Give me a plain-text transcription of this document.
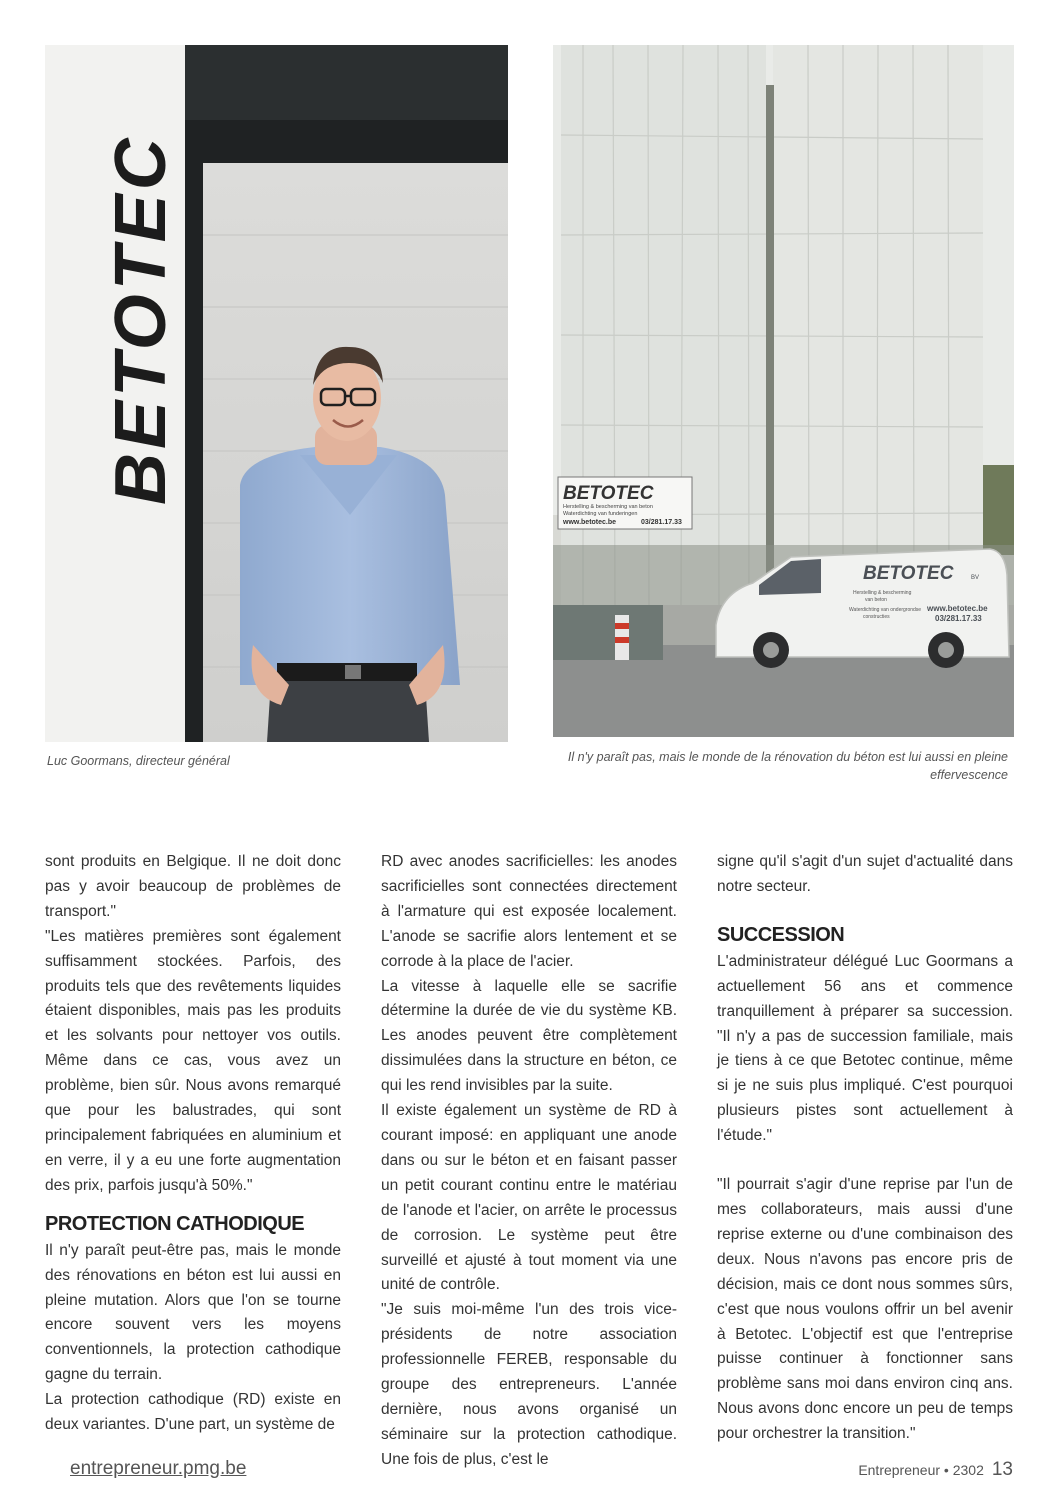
BETOTEC	BETOTEC
Herstelling & bescherming van beton
Waterdichting van funderingen
www.betotec.be	03/281.17.33
BETOTEC	BV
Herstelling & bescherming
van beton
Waterdichting van ondergrondse
constructies
www.betotec.be
03/281.17.33
Luc Goormans, directeur général	Il n'y paraît pas, mais le monde de la rénovation du béton est lui aussi en pleine effervescence

sont produits en Belgique. Il ne doit donc pas y avoir beaucoup de problèmes de transport."

"Les matières premières sont également suffisamment stockées. Parfois, des produits tels que des revêtements liquides étaient disponibles, mais pas les produits et les solvants pour nettoyer vos outils. Même dans ce cas, vous avez un problème, bien sûr. Nous avons remarqué que pour les balustrades, qui sont principalement fabriquées en aluminium et en verre, il y a eu une forte augmentation des prix, parfois jusqu'à 50%."

PROTECTION CATHODIQUE

Il n'y paraît peut-être pas, mais le monde des rénovations en béton est lui aussi en pleine mutation. Alors que l'on se tourne encore souvent vers les moyens conventionnels, la protection cathodique gagne du terrain.

La protection cathodique (RD) existe en deux variantes. D'une part, un système de

RD avec anodes sacrificielles: les anodes sacrificielles sont connectées directement à l'armature qui est exposée localement. L'anode se sacrifie alors lentement et se corrode à la place de l'acier.

La vitesse à laquelle elle se sacrifie détermine la durée de vie du système KB. Les anodes peuvent être complètement dissimulées dans la structure en béton, ce qui les rend invisibles par la suite.

Il existe également un système de RD à courant imposé: en appliquant une anode dans ou sur le béton et en faisant passer un petit courant continu entre le matériau de l'anode et l'acier, on arrête le processus de corrosion. Le système peut être surveillé et ajusté à tout moment via une unité de contrôle.

"Je suis moi-même l'un des trois vice-présidents de notre association professionnelle FEREB, responsable du groupe des entrepreneurs. L'année dernière, nous avons organisé un séminaire sur la protection cathodique. Une fois de plus, c'est le

signe qu'il s'agit d'un sujet d'actualité dans notre secteur.

SUCCESSION

L'administrateur délégué Luc Goormans a actuellement 56 ans et commence tranquillement à préparer sa succession. "Il n'y a pas de succession familiale, mais je tiens à ce que Betotec continue, même si je ne suis plus impliqué. C'est pourquoi plusieurs pistes sont actuellement à l'étude."

"Il pourrait s'agir d'une reprise par l'un de mes collaborateurs, mais aussi d'une reprise externe ou d'une combinaison des deux. Nous n'avons pas encore pris de décision, mais ce dont nous sommes sûrs, c'est que nous voulons offrir un bel avenir à Betotec. L'objectif est que l'entreprise puisse continuer à fonctionner sans problème sans moi dans environ cinq ans. Nous avons donc encore un peu de temps pour orchestrer la transition."

entrepreneur.pmg.be	Entrepreneur • 2302 13
